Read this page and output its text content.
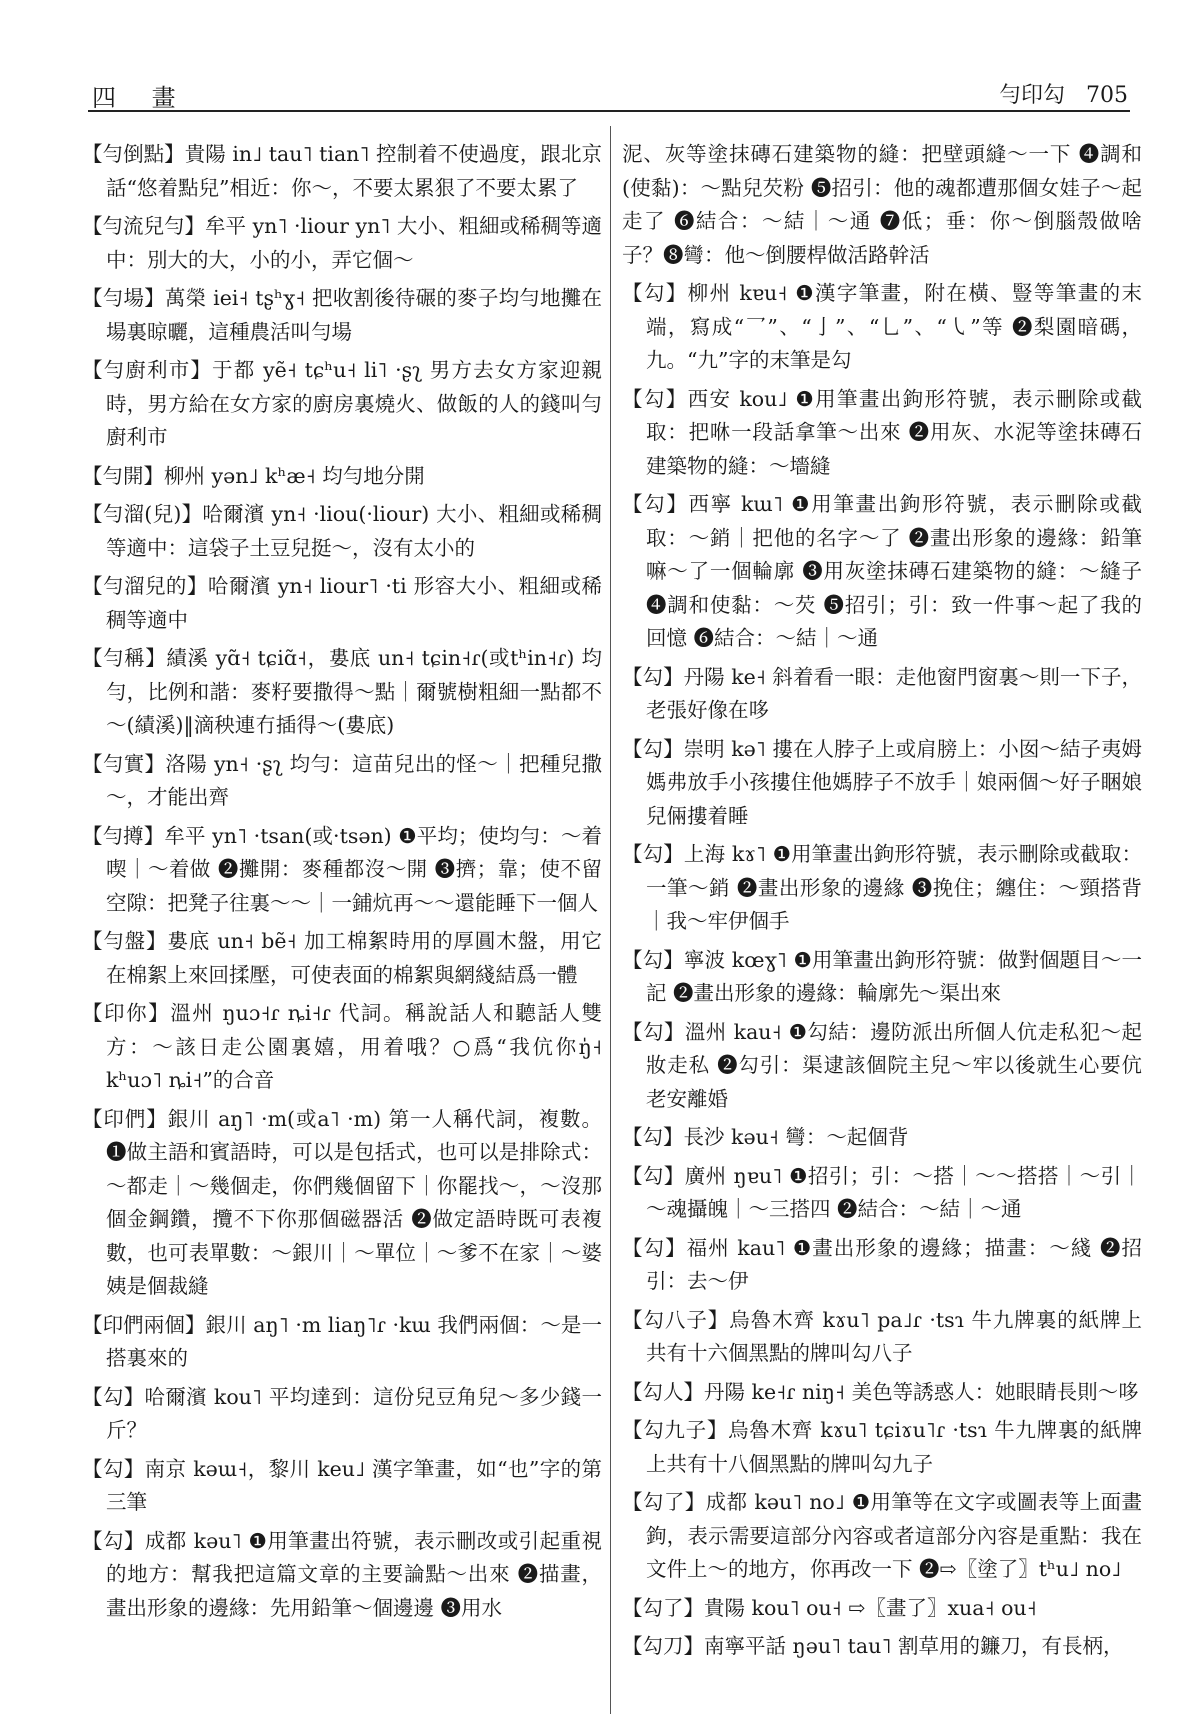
四 畫	勻印勾 705

【勻倒點】貴陽 in˩ tau˥ tian˥ 控制着不使過度，跟北京話“悠着點兒”相近：你～，不要太累狠了不要太累了

【勻流兒勻】牟平 yn˥ ·liour yn˥ 大小、粗細或稀稠等適中：別大的大，小的小，弄它個～

【勻場】萬榮 iei˧ tʂʰɣ˧ 把收割後待碾的麥子均勻地攤在場裏晾曬，這種農活叫勻場

【勻廚利市】于都 yẽ˧ tɕʰu˧ li˥ ·ʂʅ 男方去女方家迎親時，男方給在女方家的廚房裏燒火、做飯的人的錢叫勻廚利市

【勻開】柳州 yən˩ kʰæ˧ 均勻地分開

【勻溜(兒)】哈爾濱 yn˧ ·liou(·liour) 大小、粗細或稀稠等適中：這袋子土豆兒挺～，沒有太小的

【勻溜兒的】哈爾濱 yn˧ liour˥ ·ti 形容大小、粗細或稀稠等適中

【勻稱】績溪 yɑ̃˧ tɕiɑ̃˧，婁底 un˧ tɕin˧ɾ(或tʰin˧ɾ) 均勻，比例和諧：麥籽要撒得～點｜爾號樹粗細一點都不～(績溪)‖滴秧連冇插得～(婁底)

【勻實】洛陽 yn˧ ·ʂʅ 均勻：這苗兒出的怪～｜把種兒撒～，才能出齊

【勻撙】牟平 yn˥ ·tsan(或·tsən) ❶平均；使均勻：～着喫｜～着做 ❷攤開：麥種都沒～開 ❸擠；靠；使不留空隙：把凳子往裏～～｜一鋪炕再～～還能睡下一個人

【勻盤】婁底 un˧ bẽ˧ 加工棉絮時用的厚圓木盤，用它在棉絮上來回揉壓，可使表面的棉絮與網綫結爲一體

【印你】溫州 ŋuɔ˧ɾ ȵi˧ɾ 代詞。稱說話人和聽話人雙方：～該日走公園裏嬉，用着哦？○爲“我伉你ŋ̍˧ kʰuɔ˥ ȵi˧”的合音

【印們】銀川 aŋ˥ ·m(或a˥ ·m) 第一人稱代詞，複數。❶做主語和賓語時，可以是包括式，也可以是排除式：～都走｜～幾個走，你們幾個留下｜你罷找～，～沒那個金鋼鑽，攬不下你那個磁器活 ❷做定語時既可表複數，也可表單數：～銀川｜～單位｜～爹不在家｜～婆姨是個裁縫

【印們兩個】銀川 aŋ˥ ·m liaŋ˥ɾ ·kɯ 我們兩個：～是一搭裏來的

【勾】哈爾濱 kou˥ 平均達到：這份兒豆角兒～多少錢一斤？

【勾】南京 kəɯ˧，黎川 keu˩ 漢字筆畫，如“也”字的第三筆

【勾】成都 kəu˥ ❶用筆畫出符號，表示刪改或引起重視的地方：幫我把這篇文章的主要論點～出來 ❷描畫，畫出形象的邊緣：先用鉛筆～個邊邊 ❸用水

泥、灰等塗抹磚石建築物的縫：把壁頭縫～一下 ❹調和(使黏)：～點兒芡粉 ❺招引：他的魂都遭那個女娃子～起走了 ❻結合：～結｜～通 ❼低；垂：你～倒腦殼做啥子？❽彎：他～倒腰桿做活路幹活

【勾】柳州 kɐu˧ ❶漢字筆畫，附在橫、豎等筆畫的末端，寫成“乛”、“亅”、“乚”、“㇂”等 ❷梨園暗碼，九。“九”字的末筆是勾

【勾】西安 kou˩ ❶用筆畫出鉤形符號，表示刪除或截取：把咻一段話拿筆～出來 ❷用灰、水泥等塗抹磚石建築物的縫：～墻縫

【勾】西寧 kɯ˥ ❶用筆畫出鉤形符號，表示刪除或截取：～銷｜把他的名字～了 ❷畫出形象的邊緣：鉛筆嘛～了一個輪廓 ❸用灰塗抹磚石建築物的縫：～縫子 ❹調和使黏：～芡 ❺招引；引：致一件事～起了我的回憶 ❻結合：～結｜～通

【勾】丹陽 ke˧ 斜着看一眼：走他窗門窗裏～則一下子，老張好像在哆

【勾】崇明 kə˥ 摟在人脖子上或肩膀上：小囡～結子夷姆媽弗放手小孩摟住他媽脖子不放手｜娘兩個～好子睏娘兒倆摟着睡

【勾】上海 kɤ˥ ❶用筆畫出鉤形符號，表示刪除或截取：一筆～銷 ❷畫出形象的邊緣 ❸挽住；纏住：～頸搭背｜我～牢伊個手

【勾】寧波 kœɣ˥ ❶用筆畫出鉤形符號：做對個題目～一記 ❷畫出形象的邊緣：輪廓先～渠出來

【勾】溫州 kau˧ ❶勾結：邊防派出所個人伉走私犯～起妝走私 ❷勾引：渠逮該個院主兒～牢以後就生心要伉老安離婚

【勾】長沙 kəu˧ 彎：～起個背

【勾】廣州 ŋɐu˥ ❶招引；引：～搭｜～～搭搭｜～引｜～魂攝魄｜～三搭四 ❷結合：～結｜～通

【勾】福州 kau˥ ❶畫出形象的邊緣；描畫：～綫 ❷招引：去～伊

【勾八子】烏魯木齊 kɤu˥ pa˩ɾ ·tsɿ 牛九牌裏的紙牌上共有十六個黑點的牌叫勾八子

【勾人】丹陽 ke˧ɾ niŋ˧ 美色等誘惑人：她眼睛長則～哆

【勾九子】烏魯木齊 kɤu˥ tɕiɤu˥ɾ ·tsɿ 牛九牌裏的紙牌上共有十八個黑點的牌叫勾九子

【勾了】成都 kəu˥ no˩ ❶用筆等在文字或圖表等上面畫鉤，表示需要這部分內容或者這部分內容是重點：我在文件上～的地方，你再改一下 ❷⇨〖塗了〗tʰu˩ no˩

【勾了】貴陽 kou˥ ou˧ ⇨〖畫了〗xua˧ ou˧

【勾刀】南寧平話 ŋəu˥ tau˥ 割草用的鐮刀，有長柄，
